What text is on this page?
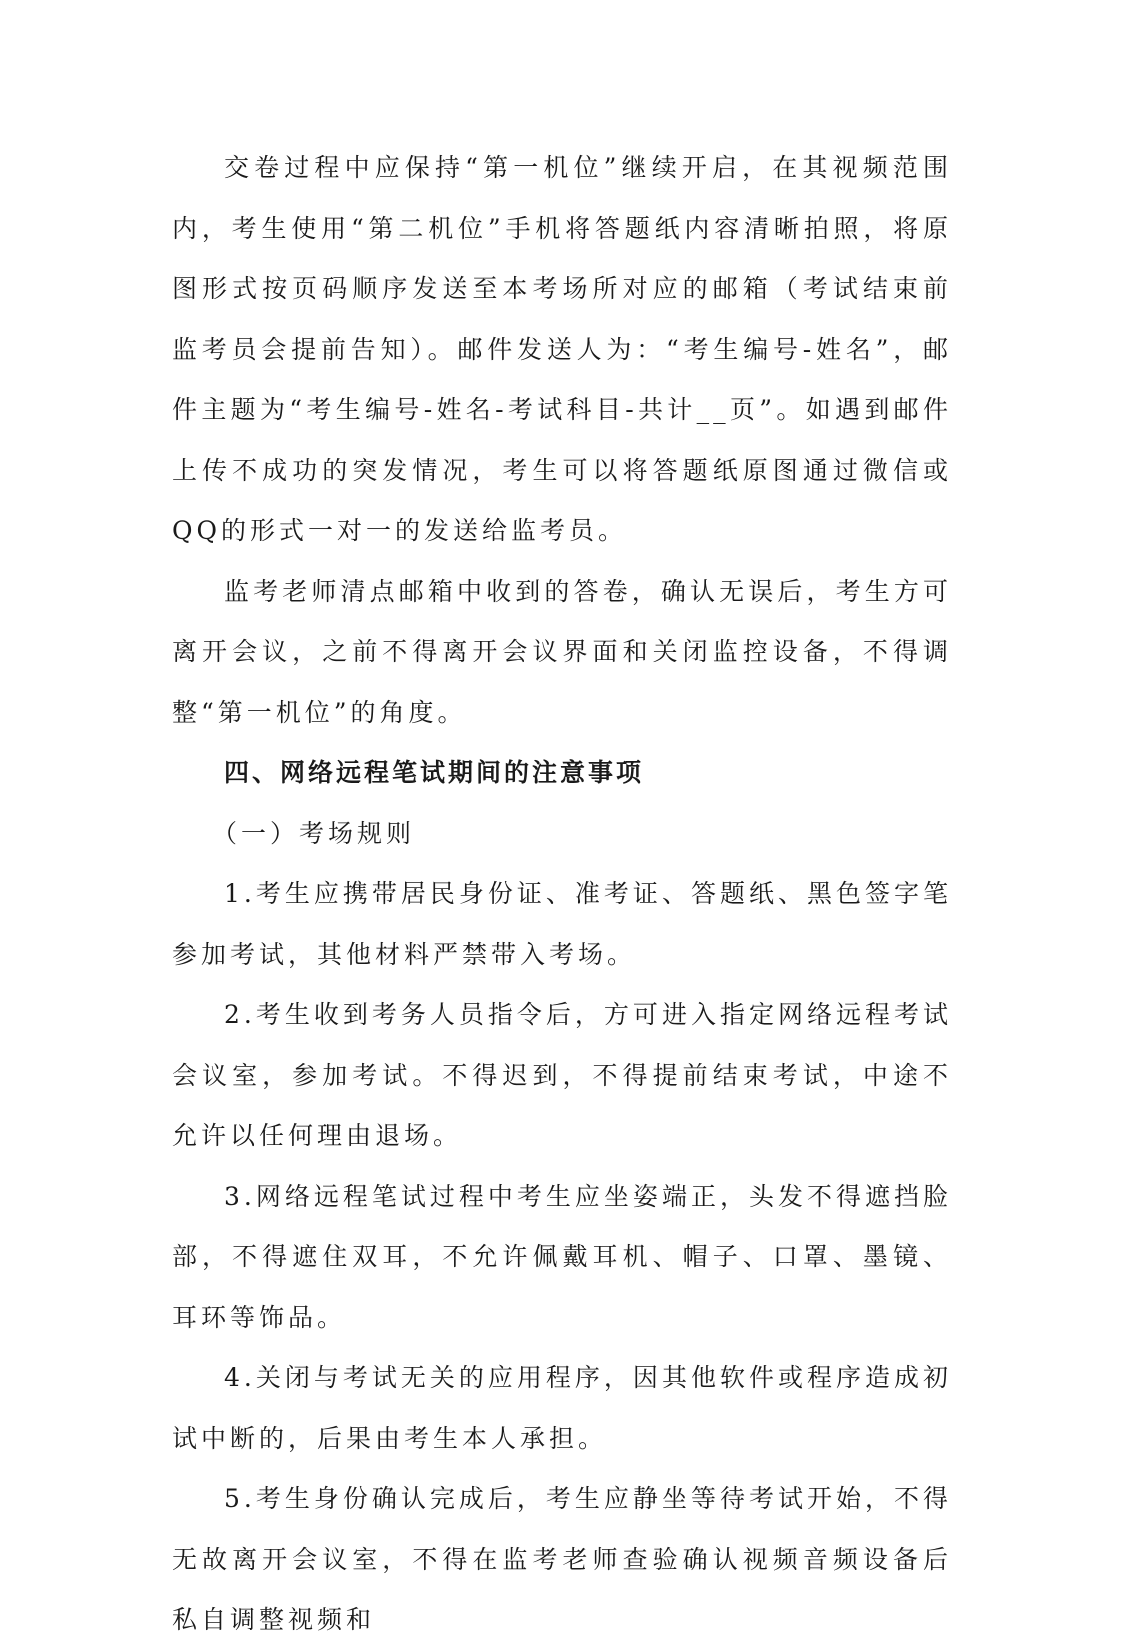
交卷过程中应保持“第一机位”继续开启，在其视频范围内，考生使用“第二机位”手机将答题纸内容清晰拍照，将原图形式按页码顺序发送至本考场所对应的邮箱（考试结束前监考员会提前告知）。邮件发送人为：“考生编号-姓名”，邮件主题为“考生编号-姓名-考试科目-共计__页”。如遇到邮件上传不成功的突发情况，考生可以将答题纸原图通过微信或QQ的形式一对一的发送给监考员。

监考老师清点邮箱中收到的答卷，确认无误后，考生方可离开会议，之前不得离开会议界面和关闭监控设备，不得调整“第一机位”的角度。

四、网络远程笔试期间的注意事项

（一）考场规则

1.考生应携带居民身份证、准考证、答题纸、黑色签字笔参加考试，其他材料严禁带入考场。

2.考生收到考务人员指令后，方可进入指定网络远程考试会议室，参加考试。不得迟到，不得提前结束考试，中途不允许以任何理由退场。

3.网络远程笔试过程中考生应坐姿端正，头发不得遮挡脸部，不得遮住双耳，不允许佩戴耳机、帽子、口罩、墨镜、耳环等饰品。

4.关闭与考试无关的应用程序，因其他软件或程序造成初试中断的，后果由考生本人承担。

5.考生身份确认完成后，考生应静坐等待考试开始，不得无故离开会议室，不得在监考老师查验确认视频音频设备后私自调整视频和
